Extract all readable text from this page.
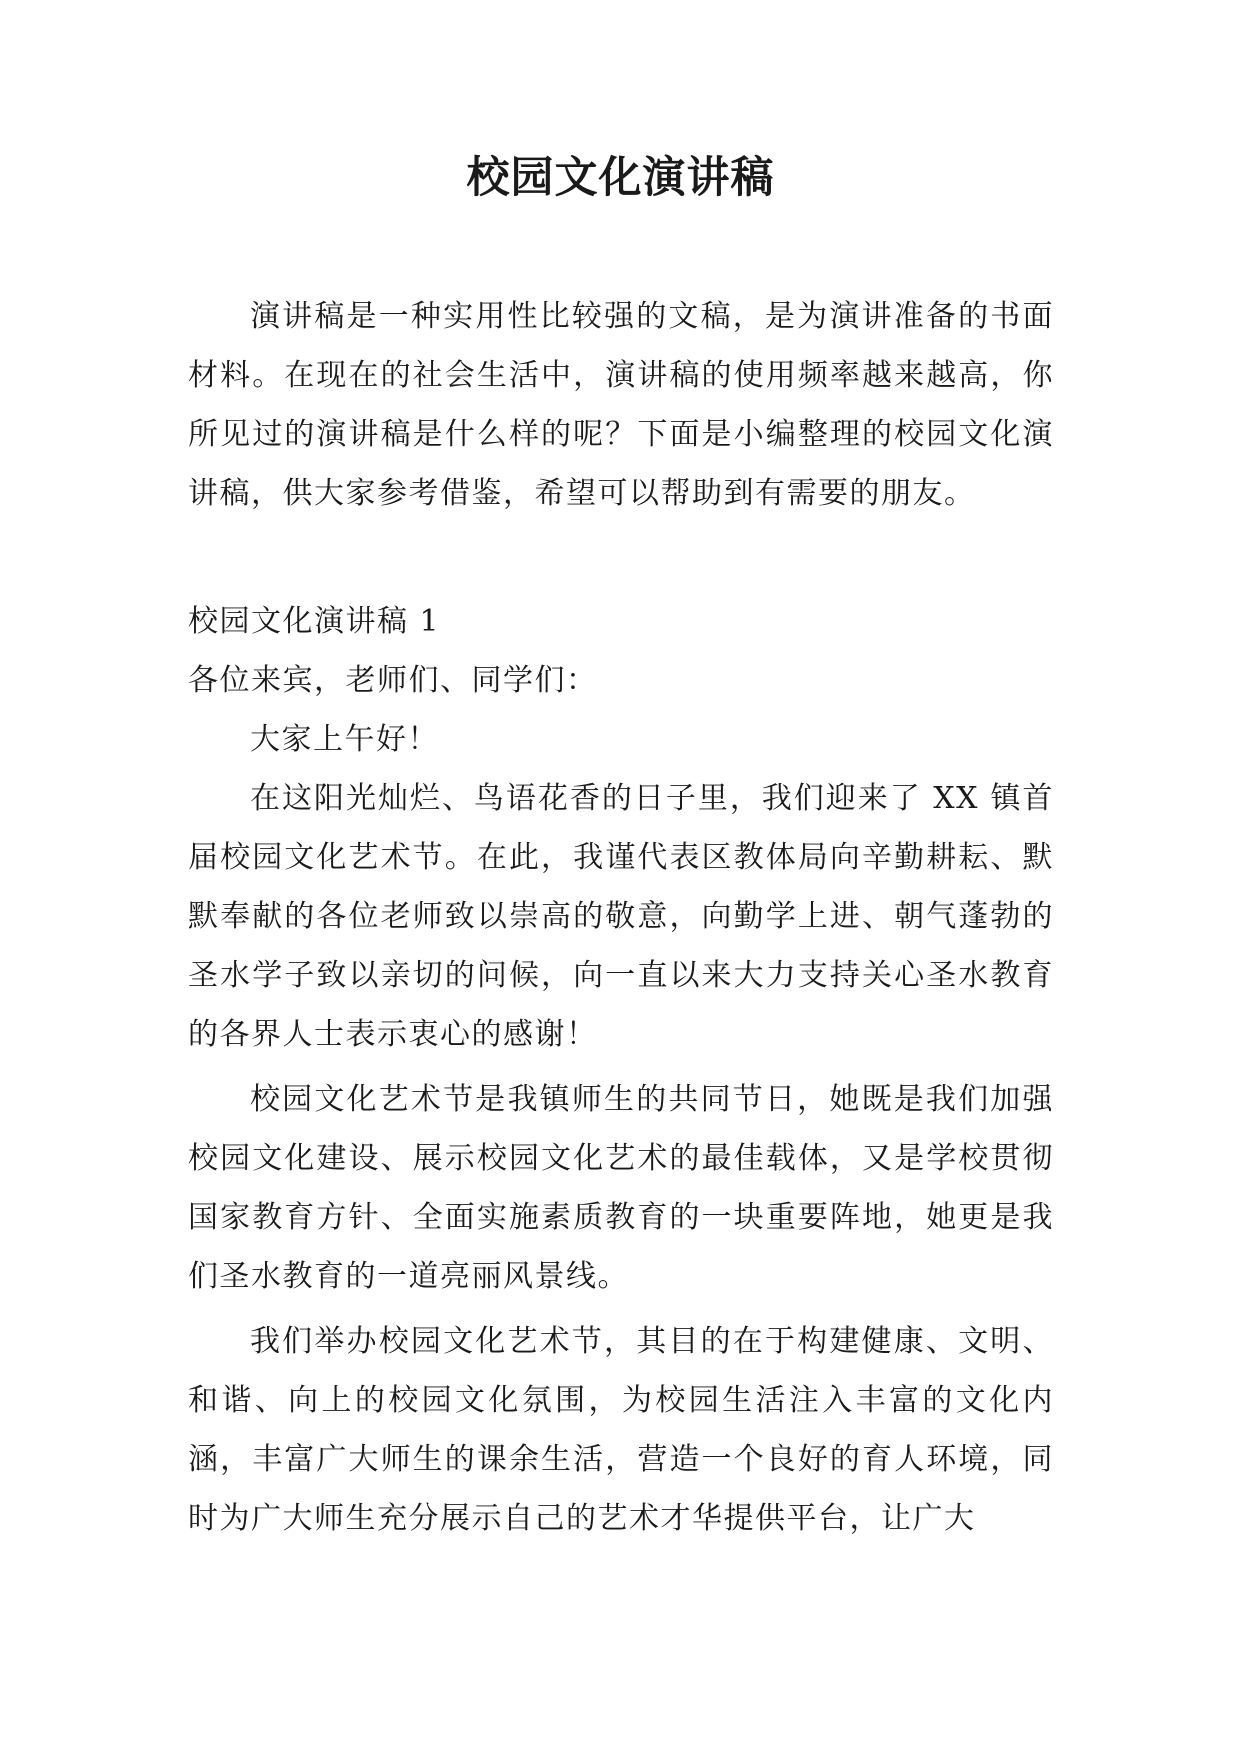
校园文化演讲稿

演讲稿是一种实用性比较强的文稿，是为演讲准备的书面材料。在现在的社会生活中，演讲稿的使用频率越来越高，你所见过的演讲稿是什么样的呢？下面是小编整理的校园文化演讲稿，供大家参考借鉴，希望可以帮助到有需要的朋友。

校园文化演讲稿 1

各位来宾，老师们、同学们：

大家上午好！

在这阳光灿烂、鸟语花香的日子里，我们迎来了 XX 镇首届校园文化艺术节。在此，我谨代表区教体局向辛勤耕耘、默默奉献的各位老师致以崇高的敬意，向勤学上进、朝气蓬勃的圣水学子致以亲切的问候，向一直以来大力支持关心圣水教育的各界人士表示衷心的感谢！

校园文化艺术节是我镇师生的共同节日，她既是我们加强校园文化建设、展示校园文化艺术的最佳载体，又是学校贯彻国家教育方针、全面实施素质教育的一块重要阵地，她更是我们圣水教育的一道亮丽风景线。

我们举办校园文化艺术节，其目的在于构建健康、文明、和谐、向上的校园文化氛围，为校园生活注入丰富的文化内涵，丰富广大师生的课余生活，营造一个良好的育人环境，同时为广大师生充分展示自己的艺术才华提供平台，让广大
